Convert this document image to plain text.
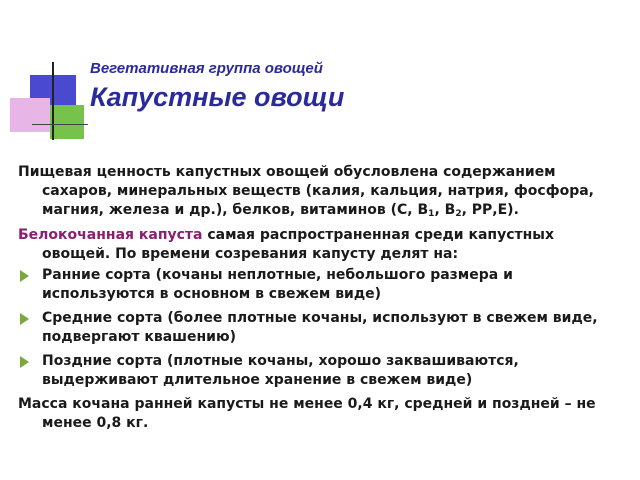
Вегетативная группа овощей
Капустные овощи

Пищевая ценность капустных овощей обусловлена содержанием сахаров, минеральных веществ (калия, кальция, натрия, фосфора, магния, железа и др.), белков, витаминов (С, $В_1$, $В_2$, РР,Е).

Белокочанная капуста самая распространенная среди капустных овощей. По времени созревания капусту делят на:

Ранние сорта (кочаны неплотные, небольшого размера и используются в основном в свежем виде)
Средние сорта (более плотные кочаны, используют в свежем виде, подвергают квашению)
Поздние сорта (плотные кочаны, хорошо заквашиваются, выдерживают длительное хранение в свежем виде)

Масса кочана ранней капусты не менее 0,4 кг, средней и поздней – не менее 0,8 кг.
